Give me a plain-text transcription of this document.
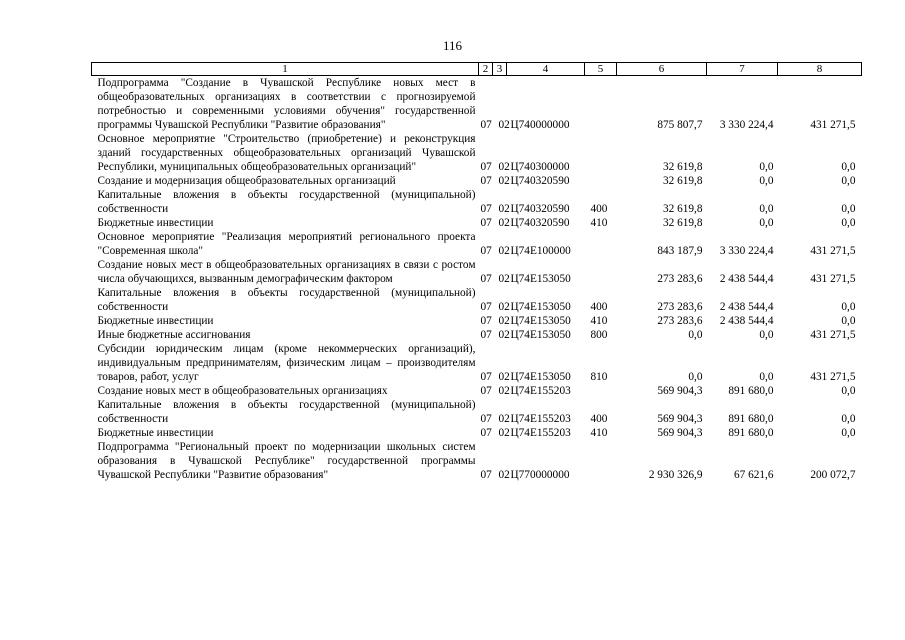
116
1	2	3	4	5	6	7	8
Подпрограмма "Создание в Чувашской Республике новых мест в общеобразовательных организациях в соответствии с прогнозируемой потребностью и современными условиями обучения" государственной программы Чувашской Республики "Развитие образования"	07	02	Ц740000000		875 807,7	3 330 224,4	431 271,5
Основное мероприятие "Строительство (приобретение) и реконструкция зданий государственных общеобразовательных организаций Чувашской Республики, муниципальных общеобразовательных организаций"	07	02	Ц740300000		32 619,8	0,0	0,0
Создание и модернизация общеобразовательных организаций	07	02	Ц740320590		32 619,8	0,0	0,0
Капитальные вложения в объекты государственной (муниципальной) собственности	07	02	Ц740320590	400	32 619,8	0,0	0,0
Бюджетные инвестиции	07	02	Ц740320590	410	32 619,8	0,0	0,0
Основное мероприятие "Реализация мероприятий регионального проекта "Современная школа"	07	02	Ц74E100000		843 187,9	3 330 224,4	431 271,5
Создание новых мест в общеобразовательных организациях в связи с ростом числа обучающихся, вызванным демографическим фактором	07	02	Ц74E153050		273 283,6	2 438 544,4	431 271,5
Капитальные вложения в объекты государственной (муниципальной) собственности	07	02	Ц74E153050	400	273 283,6	2 438 544,4	0,0
Бюджетные инвестиции	07	02	Ц74E153050	410	273 283,6	2 438 544,4	0,0
Иные бюджетные ассигнования	07	02	Ц74E153050	800	0,0	0,0	431 271,5
Субсидии юридическим лицам (кроме некоммерческих организаций), индивидуальным предпринимателям, физическим лицам – производителям товаров, работ, услуг	07	02	Ц74E153050	810	0,0	0,0	431 271,5
Создание новых мест в общеобразовательных организациях	07	02	Ц74E155203		569 904,3	891 680,0	0,0
Капитальные вложения в объекты государственной (муниципальной) собственности	07	02	Ц74E155203	400	569 904,3	891 680,0	0,0
Бюджетные инвестиции	07	02	Ц74E155203	410	569 904,3	891 680,0	0,0
Подпрограмма "Региональный проект по модернизации школьных систем образования в Чувашской Республике" государственной программы Чувашской Республики "Развитие образования"	07	02	Ц770000000		2 930 326,9	67 621,6	200 072,7
